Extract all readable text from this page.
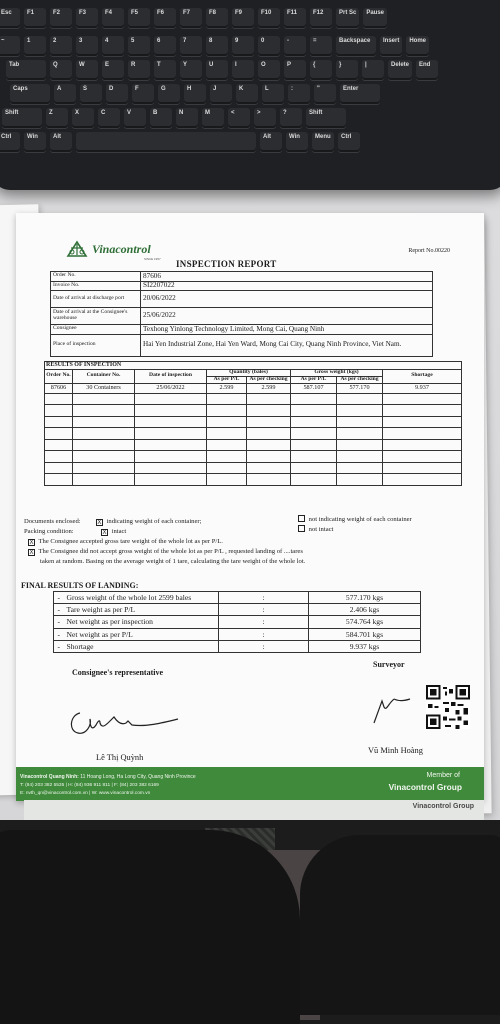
Esc	F1	F2	F3	F4	F5	F6	F7	F8	F9	F10	F11	F12	Prt Sc	Pause
~	1	2	3	4	5	6	7	8	9	0	-	=	Backspace	Insert	Home
Tab	Q	W	E	R	T	Y	U	I	O	P	{	}	|	Delete	End
Caps	A	S	D	F	G	H	J	K	L	:	"	Enter
Shift	Z	X	C	V	B	N	M	<	>	?	Shift
Ctrl	Win	Alt	Alt	Win	Menu	Ctrl
Vinacontrol
SINCE 1957
Report No.00220
INSPECTION REPORT
Order No.	87606
Invoice No.	SI2207022
Date of arrival at discharge port	20/06/2022
Date of arrival at the Consignee's warehouse	25/06/2022
Consignee	Texhong Yinlong Technology Limited, Mong Cai, Quang Ninh
Place of inspection	Hai Yen Industrial Zone, Hai Yen Ward, Mong Cai City, Quang Ninh Province, Viet Nam.
RESULTS OF INSPECTION							
Order No.	Container No.	Date of inspection	Quantity (bales)		Gross weight (kgs)		Shortage
			As per P/L	As per checking	As per P/L	As per checking	
87606	30 Containers	25/06/2022	2.599	2.599	587.107	577.170	9.937

Documents enclosed:	X indicating weight of each container;	not indicating weight of each container
Packing condition:	X intact	not intact
X The Consignee accepted gross tare weight of the whole lot as per P/L.
X The Consignee did not accept gross weight of the whole lot as per P/L , requested landing of ....tares
taken at random. Basing on the average weight of 1 tare, calculating the tare weight of the whole lot.
FINAL RESULTS OF LANDING:
-	Gross weight of the whole lot 2599 bales	:	577.170 kgs
-	Tare weight as per P/L	:	2.406 kgs
-	Net weight as per inspection	:	574.764 kgs
-	Net weight as per P/L	:	584.701 kgs
-	Shortage	:	9.937 kgs
Consignee's representative
Surveyor
Lê Thị Quỳnh
Vũ Minh Hoàng
Vinacontrol Quang Ninh: 11 Hoang Long, Ha Long City, Quang Ninh Province
T: (84) 203 382 5535 | H: (84) 936 911 811 | F: (84) 203 382 6169
E: nvth_qn@vinacontrol.com.vn | W: www.vinacontrol.com.vn
Member of
Vinacontrol Group
Vinacontrol Group
